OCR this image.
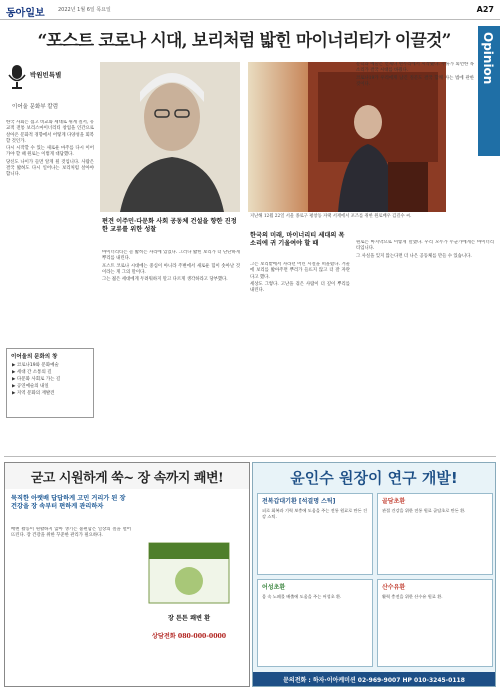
동아일보	2022년 1월 6일 목요일	A27
“포스트 코로나 시대, 보리처럼 밟힌 마이너리티가 이끌것”	Opinion
박원빈특별
이어울 문화부 칼럼

한국 사회는 접고 비교와 세대로 위계 질서, 유교적 전통 보리스마이너리티 창업을 인간으로 살아온 문화적 경향에서 어떻게 다양성을 회복할 것인가.

다시 시작할 수 있는 새로운 마주를 다시 이어가야 할 때 원로는 이렇게 대답했다.

당신도 나이가 들면 알게 될 것입니다. 사람은 결국 밟혀도 다시 일어나는 보리처럼 살아야 합니다.

지난해 12월 22일 서울 종로구 평창동 자택 서재에서 포즈를 취한 원로배우 김길수 씨.
편견 이주민·다문화 사회 공동체 건설을 향한 진정한 교류를 위한 성찰
한국의 미래, 마이너리티 세대의 목소리에 귀 기울여야 할 때

마이너리티는 늘 밟히는 자리에 있었다. 그러나 밟힌 보리가 더 단단하게 뿌리를 내린다.

포스트 코로나 시대에는 중심이 아니라 주변에서 새로운 힘이 솟아날 것이라는 게 그의 말이다.

그는 젊은 세대에게 두려워하지 말고 다르게 생각하라고 당부했다.

그는 보리밭에서 자라던 어린 시절을 떠올렸다. 겨울에 보리를 밟아주면 뿌리가 들뜨지 않고 더 잘 자란다고 했다.

세상도 그렇다. 고난을 겪은 사람이 더 깊이 뿌리를 내린다.

문학과 예술은 언제나 변두리에서 시작됐다. 주류가 외면한 목소리가 결국 시대를 바꿨다.

코로나19가 우리에게 남긴 질문도 결국 함께 사는 법에 관한 것이다.

원로는 마지막으로 이렇게 말했다. 우리 모두가 누군가에게는 마이너리티입니다.

그 사실을 잊지 않는다면 더 나은 공동체를 만들 수 있습니다.

이어울의 문화의 창
▶ 코로나19와 문화예술
▶ 세대 간 소통의 길
▶ 다문화 사회로 가는 길
▶ 공연예술의 내일
▶ 지역 문화의 재발견
굳고 시원하게 쑥~ 장 속까지 쾌변!
묵직한 아랫배 답답하게 고민 거리가 된 장 건강을 장 속부터 편하게 관리하자
배변 활동이 원활하지 않아 생기는 불편함은 일상의 질을 떨어뜨린다. 장 건강을 위한 꾸준한 관리가 필요하다.
장 튼튼 쾌변 환
상담전화 080-000-0000
윤인수 원장이 연구 개발!
전복갑대기환 [석결명 스틱]
피로 회복과 기력 보충에 도움을 주는 전통 원료로 만든 건강 스틱.
골담초환
관절 건강을 위한 전통 원료 골담초로 만든 환.
어성초환
몸 속 노폐물 배출에 도움을 주는 어성초 환.
산수유환
활력 충전을 위한 산수유 원료 환.
문의전화 : 하자·이아케미션 02-969-9007 HP 010-3245-0118
